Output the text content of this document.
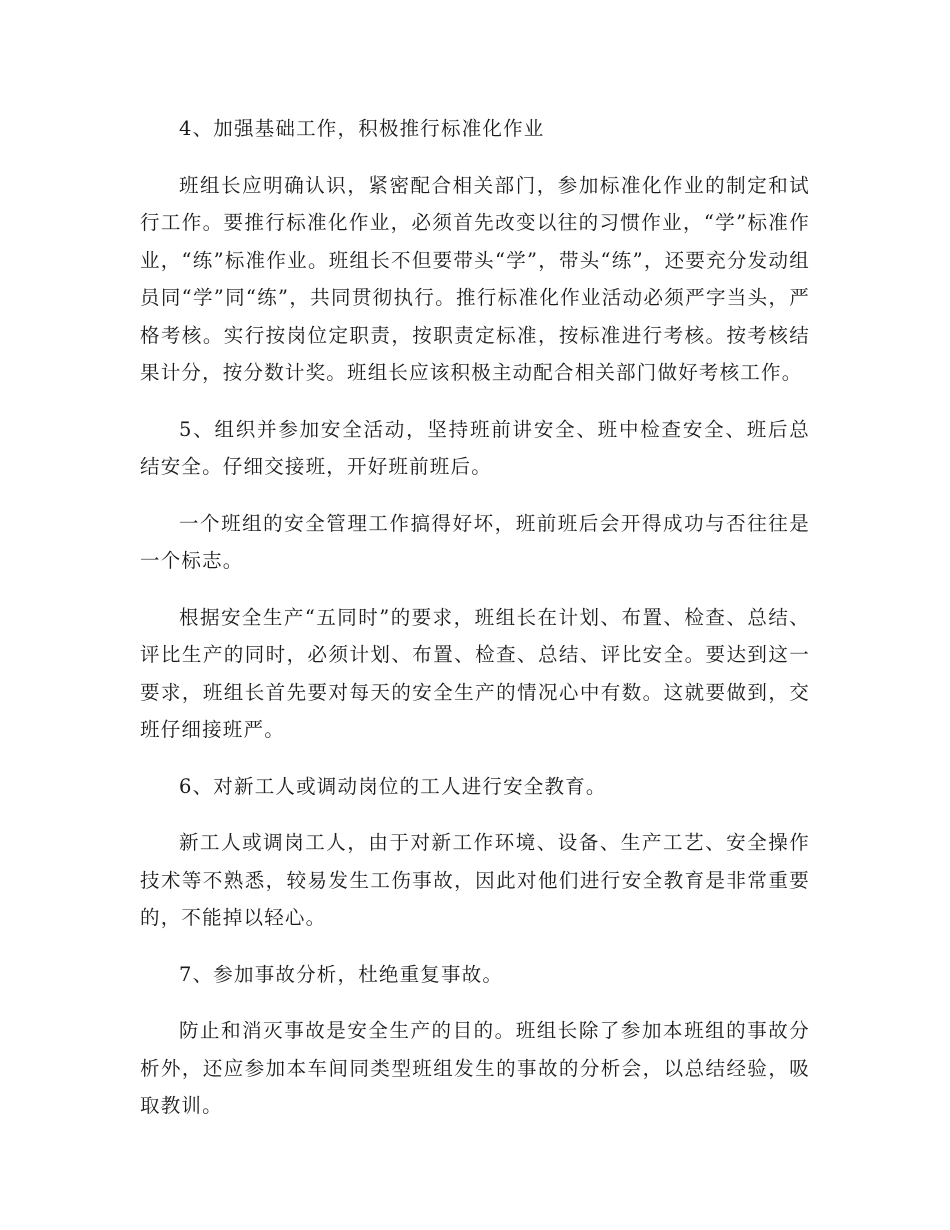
4、加强基础工作，积极推行标准化作业

班组长应明确认识，紧密配合相关部门，参加标准化作业的制定和试行工作。要推行标准化作业，必须首先改变以往的习惯作业，“学”标准作业，“练”标准作业。班组长不但要带头“学”，带头“练”，还要充分发动组员同“学”同“练”，共同贯彻执行。推行标准化作业活动必须严字当头，严格考核。实行按岗位定职责，按职责定标准，按标准进行考核。按考核结果计分，按分数计奖。班组长应该积极主动配合相关部门做好考核工作。

5、组织并参加安全活动，坚持班前讲安全、班中检查安全、班后总结安全。仔细交接班，开好班前班后。

一个班组的安全管理工作搞得好坏，班前班后会开得成功与否往往是一个标志。

根据安全生产“五同时”的要求，班组长在计划、布置、检查、总结、评比生产的同时，必须计划、布置、检查、总结、评比安全。要达到这一要求，班组长首先要对每天的安全生产的情况心中有数。这就要做到，交班仔细接班严。

6、对新工人或调动岗位的工人进行安全教育。

新工人或调岗工人，由于对新工作环境、设备、生产工艺、安全操作技术等不熟悉，较易发生工伤事故，因此对他们进行安全教育是非常重要的，不能掉以轻心。

7、参加事故分析，杜绝重复事故。

防止和消灭事故是安全生产的目的。班组长除了参加本班组的事故分析外，还应参加本车间同类型班组发生的事故的分析会，以总结经验，吸取教训。
